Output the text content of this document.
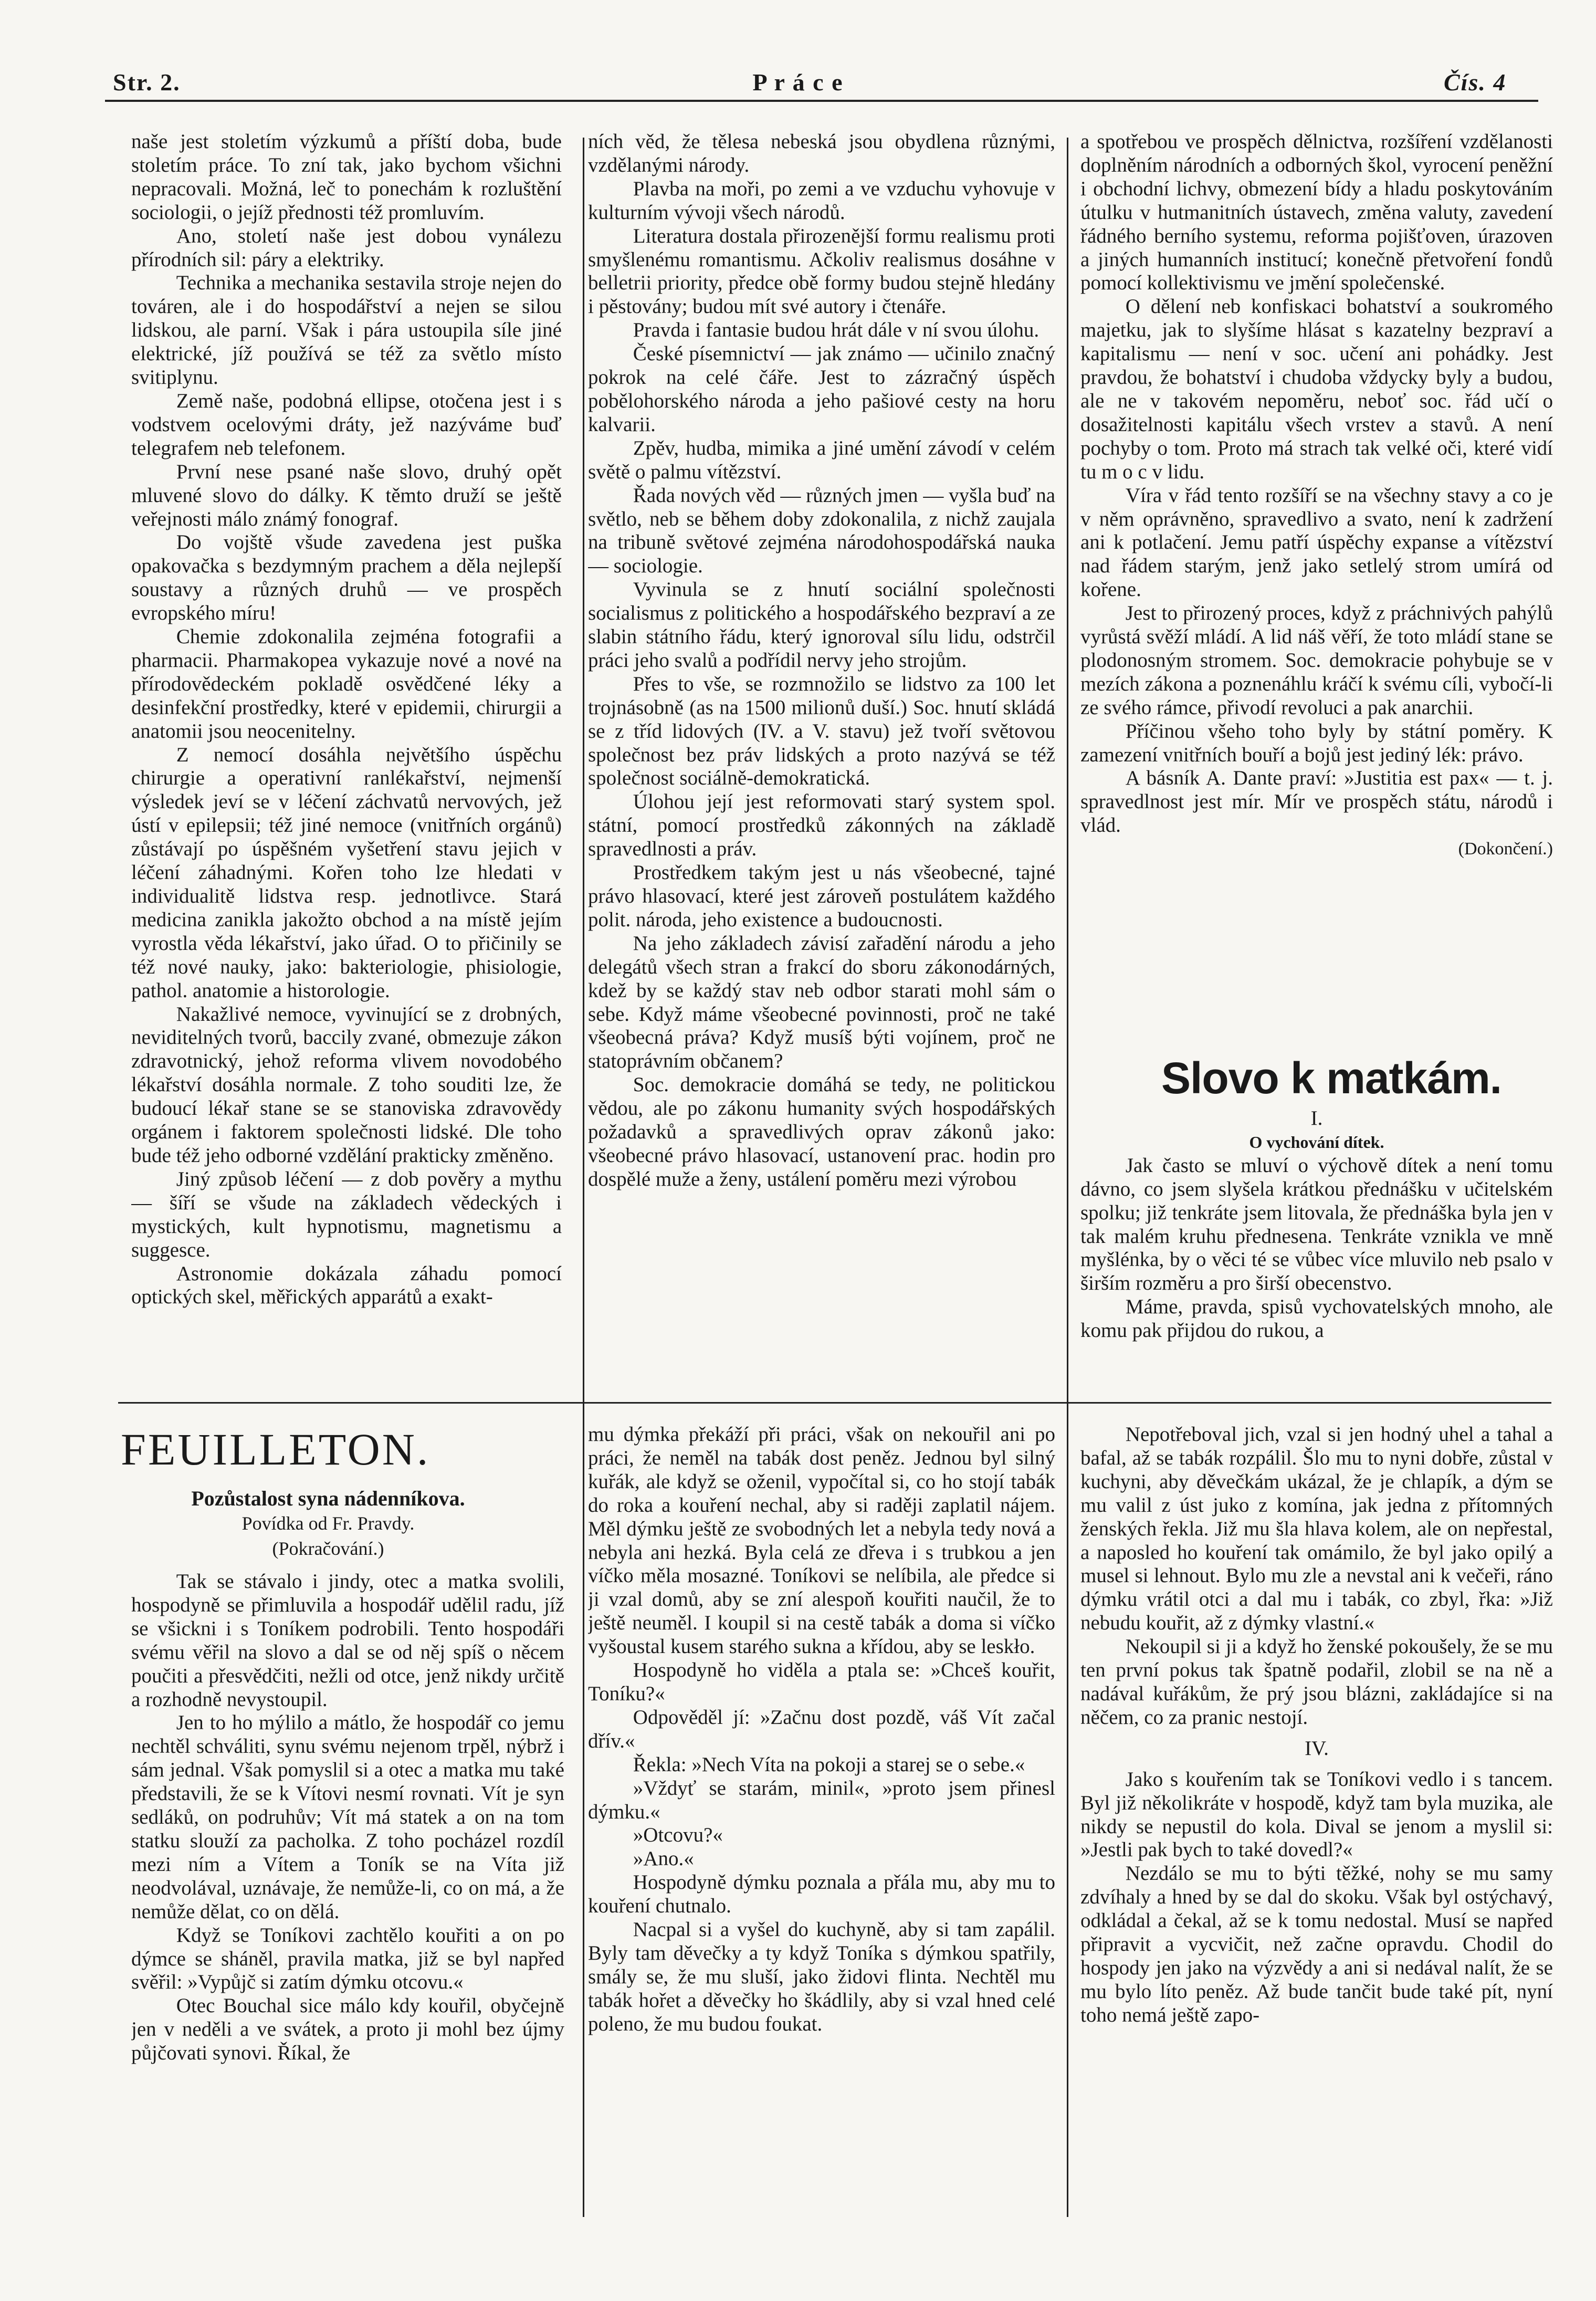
Str. 2.	P r á c e	Čís. 4

naše jest stoletím výzkumů a příští doba, bude stoletím práce. To zní tak, jako bychom všichni nepracovali. Možná, leč to ponechám k rozluštění sociologii, o jejíž přednosti též promluvím.

Ano, století naše jest dobou vynálezu přírodních sil: páry a elektriky.

Technika a mechanika sestavila stroje nejen do továren, ale i do hospodářství a nejen se silou lidskou, ale parní. Však i pára ustoupila síle jiné elektrické, jíž používá se též za světlo místo svitiplynu.

Země naše, podobná ellipse, otočena jest i s vodstvem ocelovými dráty, jež nazýváme buď telegrafem neb telefonem.

První nese psané naše slovo, druhý opět mluvené slovo do dálky. K těmto druží se ještě veřejnosti málo známý fonograf.

Do vojště všude zavedena jest puška opakovačka s bezdymným prachem a děla nejlepší soustavy a různých druhů — ve prospěch evropského míru!

Chemie zdokonalila zejména fotografii a pharmacii. Pharmakopea vykazuje nové a nové na přírodovědeckém pokladě osvědčené léky a desinfekční prostředky, které v epidemii, chirurgii a anatomii jsou neocenitelny.

Z nemocí dosáhla největšího úspěchu chirurgie a operativní ranlékařství, nejmenší výsledek jeví se v léčení záchvatů nervových, jež ústí v epilepsii; též jiné nemoce (vnitřních orgánů) zůstávají po úspěšném vyšetření stavu jejich v léčení záhadnými. Kořen toho lze hledati v individualitě lidstva resp. jednotlivce. Stará medicina zanikla jakožto obchod a na místě jejím vyrostla věda lékařství, jako úřad. O to přičinily se též nové nauky, jako: bakteriologie, phisiologie, pathol. anatomie a historologie.

Nakažlivé nemoce, vyvinující se z drobných, neviditelných tvorů, baccily zvané, obmezuje zákon zdravotnický, jehož reforma vlivem novodobého lékařství dosáhla normale. Z toho souditi lze, že budoucí lékař stane se se stanoviska zdravovědy orgánem i faktorem společnosti lidské. Dle toho bude též jeho odborné vzdělání prakticky změněno.

Jiný způsob léčení — z dob pověry a mythu — šíří se všude na základech vědeckých i mystických, kult hypnotismu, magnetismu a suggesce.

Astronomie dokázala záhadu pomocí optických skel, měřických apparátů a exakt-

ních věd, že tělesa nebeská jsou obydlena různými, vzdělanými národy.

Plavba na moři, po zemi a ve vzduchu vyhovuje v kulturním vývoji všech národů.

Literatura dostala přirozenější formu realismu proti smyšlenému romantismu. Ačkoliv realismus dosáhne v belletrii priority, předce obě formy budou stejně hledány i pěstovány; budou mít své autory i čtenáře.

Pravda i fantasie budou hrát dále v ní svou úlohu.

České písemnictví — jak známo — učinilo značný pokrok na celé čáře. Jest to zázračný úspěch pobělohorského národa a jeho pašiové cesty na horu kalvarii.

Zpěv, hudba, mimika a jiné umění závodí v celém světě o palmu vítězství.

Řada nových věd — různých jmen — vyšla buď na světlo, neb se během doby zdokonalila, z nichž zaujala na tribuně světové zejména národohospodářská nauka — sociologie.

Vyvinula se z hnutí sociální společnosti socialismus z politického a hospodářského bezpraví a ze slabin státního řádu, který ignoroval sílu lidu, odstrčil práci jeho svalů a podřídil nervy jeho strojům.

Přes to vše, se rozmnožilo se lidstvo za 100 let trojnásobně (as na 1500 milionů duší.) Soc. hnutí skládá se z tříd lidových (IV. a V. stavu) jež tvoří světovou společnost bez práv lidských a proto nazývá se též společnost sociálně-demokratická.

Úlohou její jest reformovati starý system spol. státní, pomocí prostředků zákonných na základě spravedlnosti a práv.

Prostředkem takým jest u nás všeobecné, tajné právo hlasovací, které jest zároveň postulátem každého polit. národa, jeho existence a budoucnosti.

Na jeho základech závisí zařadění národu a jeho delegátů všech stran a frakcí do sboru zákonodárných, kdež by se každý stav neb odbor starati mohl sám o sebe. Když máme všeobecné povinnosti, proč ne také všeobecná práva? Když musíš býti vojínem, proč ne statoprávním občanem?

Soc. demokracie domáhá se tedy, ne politickou vědou, ale po zákonu humanity svých hospodářských požadavků a spravedlivých oprav zákonů jako: všeobecné právo hlasovací, ustanovení prac. hodin pro dospělé muže a ženy, ustálení poměru mezi výrobou

a spotřebou ve prospěch dělnictva, rozšíření vzdělanosti doplněním národních a odborných škol, vyrocení peněžní i obchodní lichvy, obmezení bídy a hladu poskytováním útulku v hutmanitních ústavech, změna valuty, zavedení řádného berního systemu, reforma pojišťoven, úrazoven a jiných humanních institucí; konečně přetvoření fondů pomocí kollektivismu ve jmění společenské.

O dělení neb konfiskaci bohatství a soukromého majetku, jak to slyšíme hlásat s kazatelny bezpraví a kapitalismu — není v soc. učení ani pohádky. Jest pravdou, že bohatství i chudoba vždycky byly a budou, ale ne v takovém nepoměru, neboť soc. řád učí o dosažitelnosti kapitálu všech vrstev a stavů. A není pochyby o tom. Proto má strach tak velké oči, které vidí tu m o c v lidu.

Víra v řád tento rozšíří se na všechny stavy a co je v něm oprávněno, spravedlivo a svato, není k zadržení ani k potlačení. Jemu patří úspěchy expanse a vítězství nad řádem starým, jenž jako setlelý strom umírá od kořene.

Jest to přirozený proces, když z práchnivých pahýlů vyrůstá svěží mládí. A lid náš věří, že toto mládí stane se plodonosným stromem. Soc. demokracie pohybuje se v mezích zákona a poznenáhlu kráčí k svému cíli, vybočí-li ze svého rámce, přivodí revoluci a pak anarchii.

Příčinou všeho toho byly by státní poměry. K zamezení vnitřních bouří a bojů jest jediný lék: právo.

A básník A. Dante praví: »Justitia est pax« — t. j. spravedlnost jest mír. Mír ve prospěch státu, národů i vlád.

(Dokončení.)

Slovo k matkám.

I.

O vychování dítek.

Jak často se mluví o výchově dítek a není tomu dávno, co jsem slyšela krátkou přednášku v učitelském spolku; již tenkráte jsem litovala, že přednáška byla jen v tak malém kruhu přednesena. Tenkráte vznikla ve mně myšlénka, by o věci té se vůbec více mluvilo neb psalo v širším rozměru a pro širší obecenstvo.

Máme, pravda, spisů vychovatelských mnoho, ale komu pak přijdou do rukou, a

FEUILLETON.
Pozůstalost syna nádenníkova.
Povídka od Fr. Pravdy.
(Pokračování.)

Tak se stávalo i jindy, otec a matka svolili, hospodyně se přimluvila a hospodář udělil radu, jíž se všickni i s Toníkem podrobili. Tento hospodáři svému věřil na slovo a dal se od něj spíš o něcem poučiti a přesvědčiti, nežli od otce, jenž nikdy určitě a rozhodně nevystoupil.

Jen to ho mýlilo a mátlo, že hospodář co jemu nechtěl schváliti, synu svému nejenom trpěl, nýbrž i sám jednal. Však pomyslil si a otec a matka mu také představili, že se k Vítovi nesmí rovnati. Vít je syn sedláků, on podruhův; Vít má statek a on na tom statku slouží za pacholka. Z toho pocházel rozdíl mezi ním a Vítem a Toník se na Víta již neodvolával, uznávaje, že nemůže-li, co on má, a že nemůže dělat, co on dělá.

Když se Toníkovi zachtělo kouřiti a on po dýmce se sháněl, pravila matka, již se byl napřed svěřil: »Vypůjč si zatím dýmku otcovu.«

Otec Bouchal sice málo kdy kouřil, obyčejně jen v neděli a ve svátek, a proto ji mohl bez újmy půjčovati synovi. Říkal, že

mu dýmka překáží při práci, však on nekouřil ani po práci, že neměl na tabák dost peněz. Jednou byl silný kuřák, ale když se oženil, vypočítal si, co ho stojí tabák do roka a kouření nechal, aby si raději zaplatil nájem. Měl dýmku ještě ze svobodných let a nebyla tedy nová a nebyla ani hezká. Byla celá ze dřeva i s trubkou a jen víčko měla mosazné. Toníkovi se nelíbila, ale předce si ji vzal domů, aby se zní alespoň kouřiti naučil, že to ještě neuměl. I koupil si na cestě tabák a doma si víčko vyšoustal kusem starého sukna a křídou, aby se leskło.

Hospodyně ho viděla a ptala se: »Chceš kouřit, Toníku?«

Odpověděl jí: »Začnu dost pozdě, váš Vít začal dřív.«

Řekla: »Nech Víta na pokoji a starej se o sebe.«

»Vždyť se starám, minil«, »proto jsem přinesl dýmku.«

»Otcovu?«

»Ano.«

Hospodyně dýmku poznala a přála mu, aby mu to kouření chutnalo.

Nacpal si a vyšel do kuchyně, aby si tam zapálil. Byly tam děvečky a ty když Toníka s dýmkou spatřily, smály se, že mu sluší, jako židovi flinta. Nechtěl mu tabák hořet a děvečky ho škádlily, aby si vzal hned celé poleno, že mu budou foukat.

Nepotřeboval jich, vzal si jen hodný uhel a tahal a bafal, až se tabák rozpálil. Šlo mu to nyni dobře, zůstal v kuchyni, aby děvečkám ukázal, že je chlapík, a dým se mu valil z úst juko z komína, jak jedna z přítomných ženských řekla. Již mu šla hlava kolem, ale on nepřestal, a naposled ho kouření tak omámilo, že byl jako opilý a musel si lehnout. Bylo mu zle a nevstal ani k večeři, ráno dýmku vrátil otci a dal mu i tabák, co zbyl, řka: »Již nebudu kouřit, až z dýmky vlastní.«

Nekoupil si ji a když ho ženské pokoušely, že se mu ten první pokus tak špatně podařil, zlobil se na ně a nadával kuřákům, že prý jsou blázni, zakládajíce si na něčem, co za pranic nestojí.

IV.

Jako s kouřením tak se Toníkovi vedlo i s tancem. Byl již několikráte v hospodě, když tam byla muzika, ale nikdy se nepustil do kola. Dival se jenom a myslil si: »Jestli pak bych to také dovedl?«

Nezdálo se mu to býti těžké, nohy se mu samy zdvíhaly a hned by se dal do skoku. Však byl ostýchavý, odkládal a čekal, až se k tomu nedostal. Musí se napřed připravit a vycvičit, než začne opravdu. Chodil do hospody jen jako na výzvědy a ani si nedával nalít, že se mu bylo líto peněz. Až bude tančit bude také pít, nyní toho nemá ještě zapo-
